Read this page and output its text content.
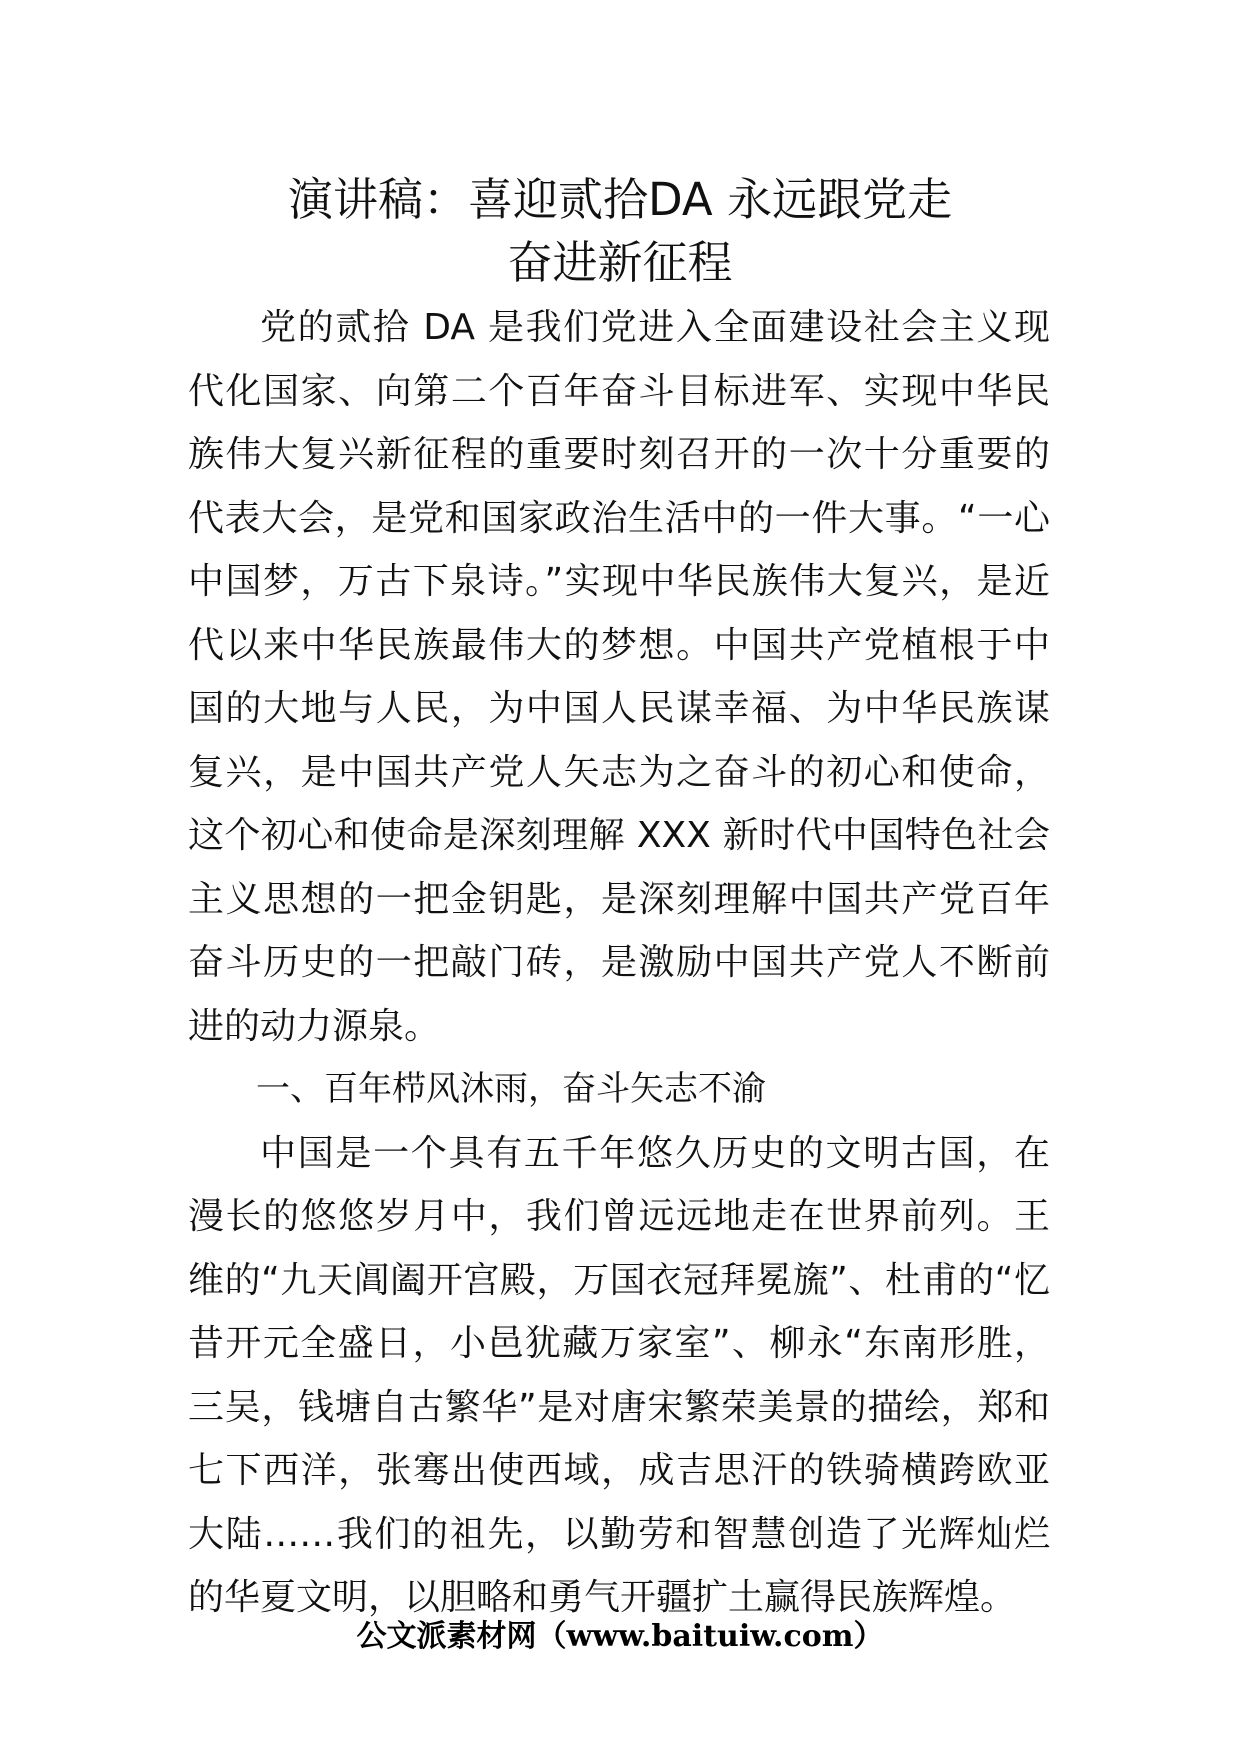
演讲稿：喜迎贰拾DA 永远跟党走
奋进新征程

党的贰拾 DA 是我们党进入全面建设社会主义现代化国家、向第二个百年奋斗目标进军、实现中华民族伟大复兴新征程的重要时刻召开的一次十分重要的代表大会，是党和国家政治生活中的一件大事。“一心中国梦，万古下泉诗。”实现中华民族伟大复兴，是近代以来中华民族最伟大的梦想。中国共产党植根于中国的大地与人民，为中国人民谋幸福、为中华民族谋复兴，是中国共产党人矢志为之奋斗的初心和使命，这个初心和使命是深刻理解 XXX 新时代中国特色社会主义思想的一把金钥匙，是深刻理解中国共产党百年奋斗历史的一把敲门砖，是激励中国共产党人不断前进的动力源泉。

一、百年栉风沐雨，奋斗矢志不渝

中国是一个具有五千年悠久历史的文明古国，在漫长的悠悠岁月中，我们曾远远地走在世界前列。王维的“九天阊阖开宫殿，万国衣冠拜冕旒”、杜甫的“忆昔开元全盛日，小邑犹藏万家室”、柳永“东南形胜，三吴，钱塘自古繁华”是对唐宋繁荣美景的描绘，郑和七下西洋，张骞出使西域，成吉思汗的铁骑横跨欧亚大陆……我们的祖先，以勤劳和智慧创造了光辉灿烂的华夏文明，以胆略和勇气开疆扩土赢得民族辉煌。

公文派素材网（www.baituiw.com）
